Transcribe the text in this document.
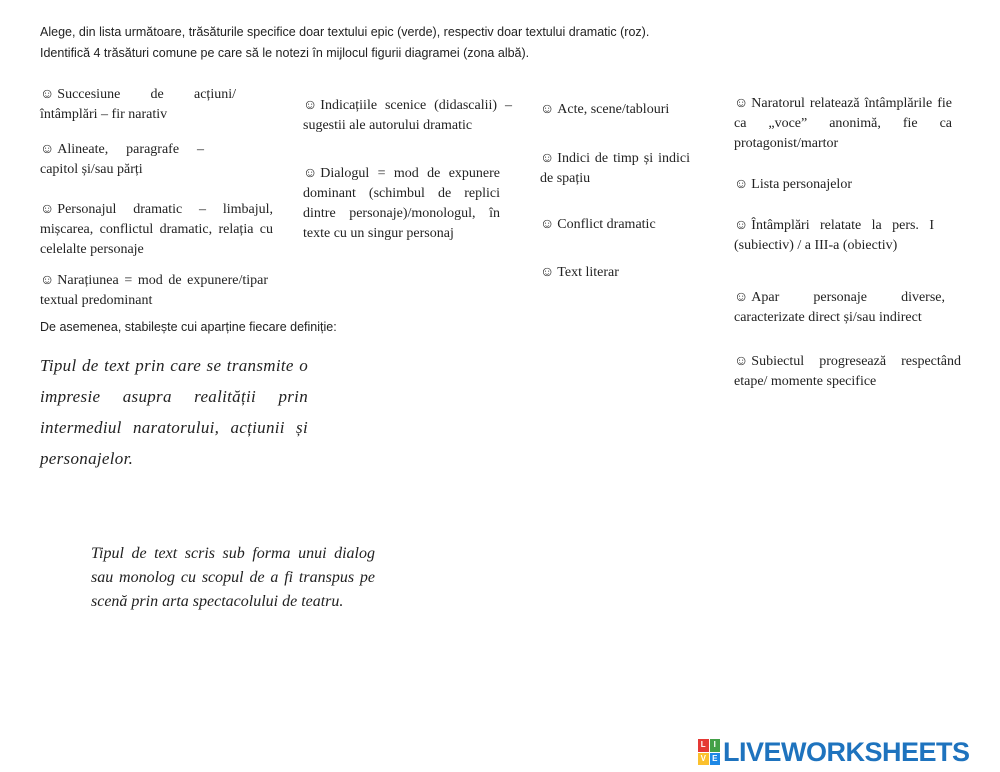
Alege, din lista următoare, trăsăturile specifice doar textului epic (verde), respectiv doar textului dramatic (roz).
Identifică 4 trăsături comune pe care să le notezi în mijlocul figurii diagramei (zona albă).
☺ Succesiune de acțiuni/ întâmplări – fir narativ
☺ Alineate, paragrafe – capitol și/sau părți
☺ Personajul dramatic – limbajul, mișcarea, conflictul dramatic, relația cu celelalte personaje
☺ Narațiunea = mod de expunere/tipar textual predominant
De asemenea, stabilește cui aparține fiecare definiție:
☺ Indicațiile scenice (didascalii) – sugestii ale autorului dramatic
☺ Dialogul = mod de expunere dominant (schimbul de replici dintre personaje)/monologul, în texte cu un singur personaj
☺ Acte, scene/tablouri
☺ Indici de timp și indici de spațiu
☺ Conflict dramatic
☺ Text literar
☺ Naratorul relatează întâmplările fie ca „voce” anonimă, fie ca protagonist/martor
☺ Lista personajelor
☺ Întâmplări relatate la pers. I (subiectiv) / a III-a (obiectiv)
☺ Apar personaje diverse, caracterizate direct și/sau indirect
☺ Subiectul progresează respectând etape/ momente specifice
Tipul de text prin care se transmite o impresie asupra realității prin intermediul naratorului, acțiunii și personajelor.
Tipul de text scris sub forma unui dialog sau monolog cu scopul de a fi transpus pe scenă prin arta spectacolului de teatru.
L I
V E LIVEWORKSHEETS
